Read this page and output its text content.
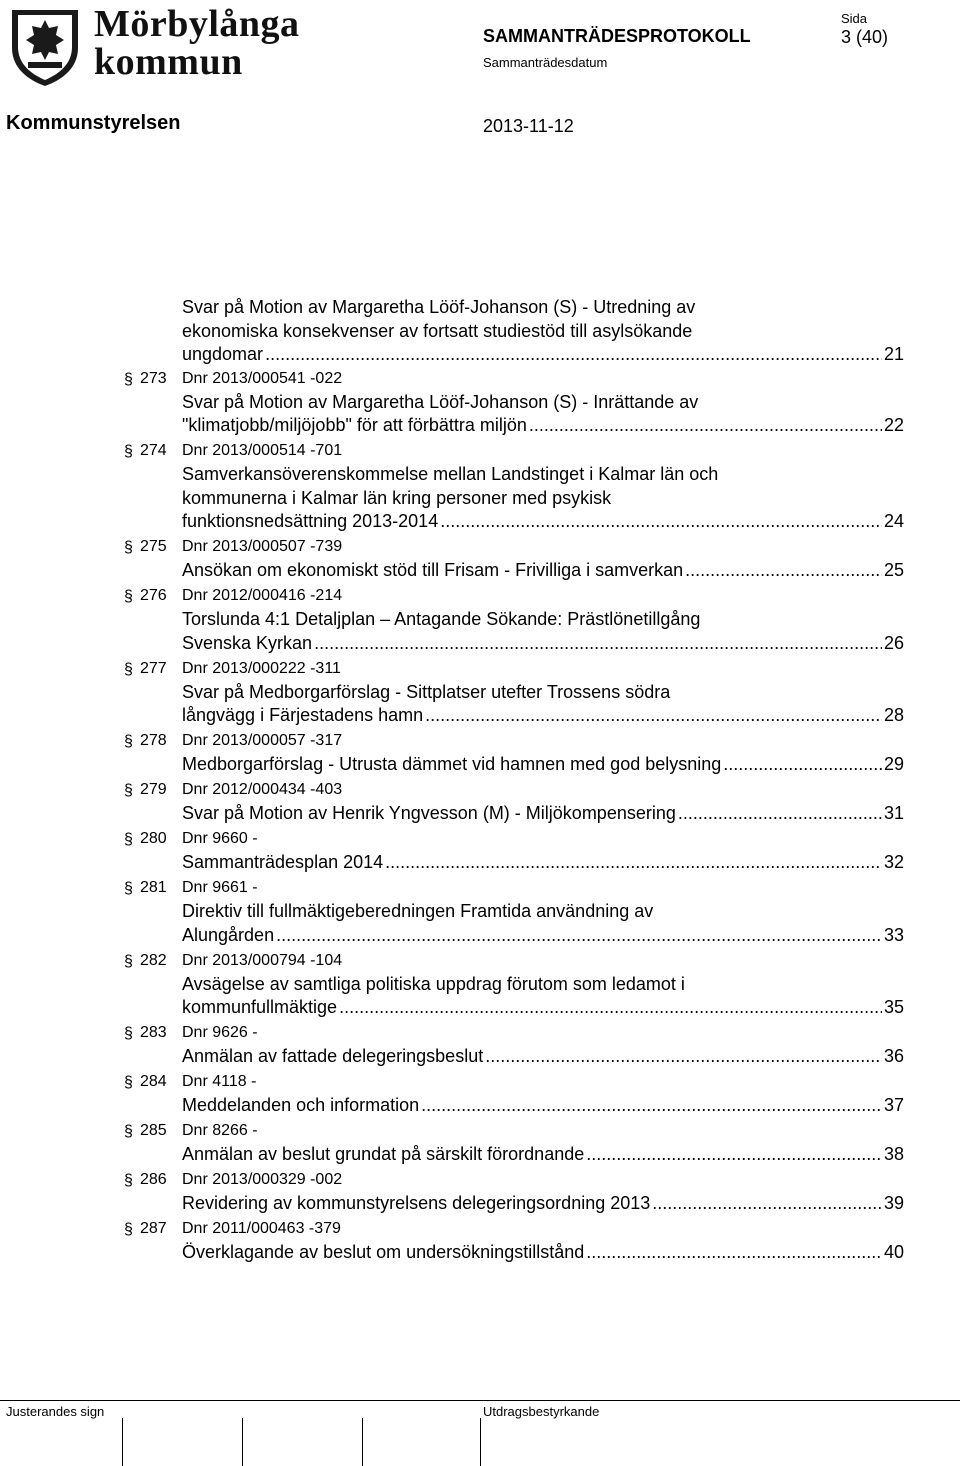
Mörbylånga
kommun
Sida
SAMMANTRÄDESPROTOKOLL	3 (40)
Sammanträdesdatum
Kommunstyrelsen	2013-11-12
Svar på Motion av Margaretha Lööf-Johanson (S) - Utredning av
ekonomiska konsekvenser av fortsatt studiestöd till asylsökande
ungdomar .....	21
§ 273 Dnr 2013/000541 -022
Svar på Motion av Margaretha Lööf-Johanson (S) - Inrättande av
"klimatjobb/miljöjobb" för att förbättra miljön .....	22
§ 274 Dnr 2013/000514 -701
Samverkansöverenskommelse mellan Landstinget i Kalmar län och
kommunerna i Kalmar län kring personer med psykisk
funktionsnedsättning 2013-2014 .....	24
§ 275 Dnr 2013/000507 -739
Ansökan om ekonomiskt stöd till Frisam - Frivilliga i samverkan .....	25
§ 276 Dnr 2012/000416 -214
Torslunda 4:1 Detaljplan – Antagande Sökande: Prästlönetillgång
Svenska Kyrkan .....	26
§ 277 Dnr 2013/000222 -311
Svar på Medborgarförslag - Sittplatser utefter Trossens södra
långvägg i Färjestadens hamn .....	28
§ 278 Dnr 2013/000057 -317
Medborgarförslag - Utrusta dämmet vid hamnen med god belysning .....	29
§ 279 Dnr 2012/000434 -403
Svar på Motion av Henrik Yngvesson (M) - Miljökompensering .....	31
§ 280 Dnr 9660 -
Sammanträdesplan 2014 .....	32
§ 281 Dnr 9661 -
Direktiv till fullmäktigeberedningen Framtida användning av
Alungården .....	33
§ 282 Dnr 2013/000794 -104
Avsägelse av samtliga politiska uppdrag förutom som ledamot i
kommunfullmäktige .....	35
§ 283 Dnr 9626 -
Anmälan av fattade delegeringsbeslut .....	36
§ 284 Dnr 4118 -
Meddelanden och information .....	37
§ 285 Dnr 8266 -
Anmälan av beslut grundat på särskilt förordnande .....	38
§ 286 Dnr 2013/000329 -002
Revidering av kommunstyrelsens delegeringsordning 2013 .....	39
§ 287 Dnr 2011/000463 -379
Överklagande av beslut om undersökningstillstånd .....	40
Justerandes sign	Utdragsbestyrkande
